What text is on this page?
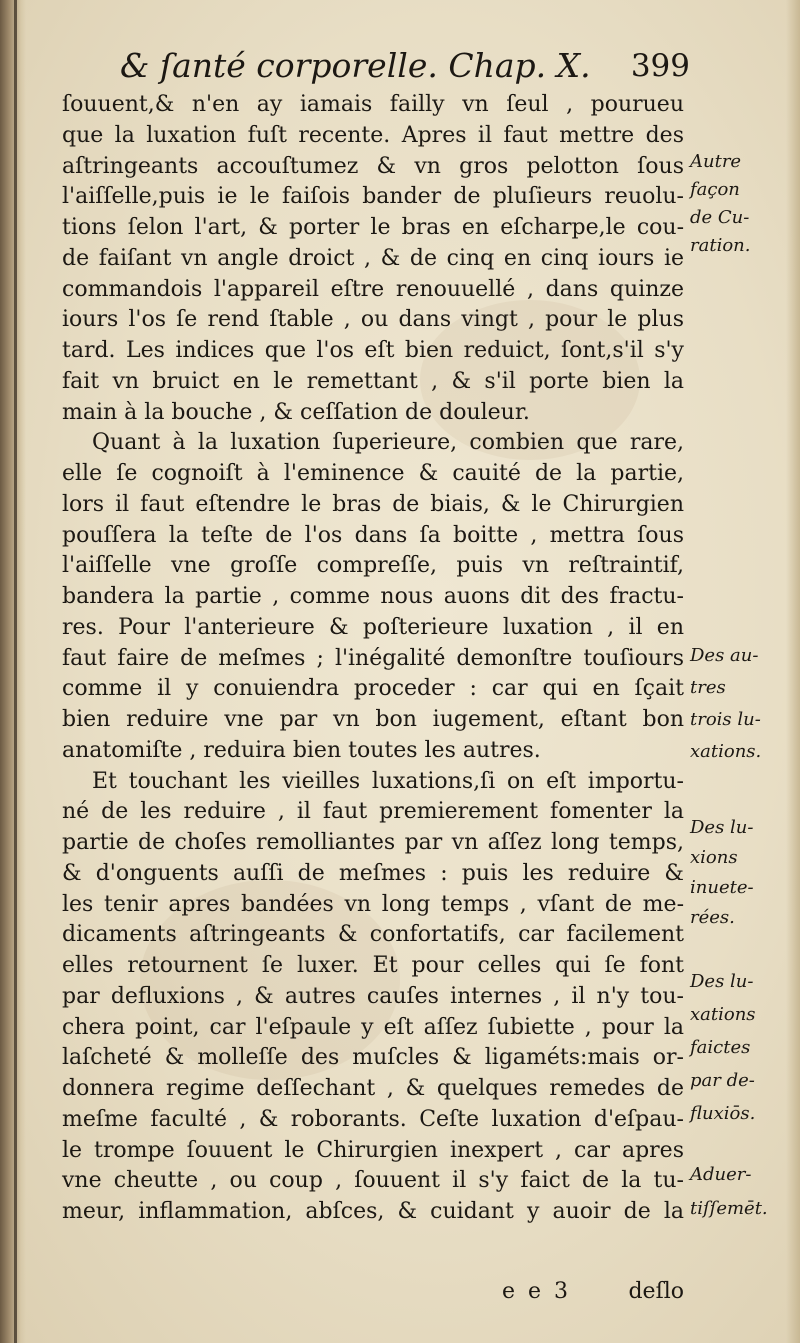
& ſanté corporelle. Chap. X. 399
ſouuent,& n'en ay iamais failly vn ſeul , pourueu
que la luxation fuſt recente. Apres il faut mettre des
aſtringeants accouſtumez & vn gros pelotton ſous
l'aiſſelle,puis ie le faiſois bander de pluſieurs reuolu-
tions ſelon l'art, & porter le bras en eſcharpe,le cou-
de faiſant vn angle droict , & de cinq en cinq iours ie
commandois l'appareil eſtre renouuellé , dans quinze
iours l'os ſe rend ſtable , ou dans vingt , pour le plus
tard. Les indices que l'os eſt bien reduict, ſont,s'il s'y
fait vn bruict en le remettant , & s'il porte bien la
main à la bouche , & ceſſation de douleur.
Quant à la luxation ſuperieure, combien que rare,
elle ſe cognoiſt à l'eminence & cauité de la partie,
lors il faut eſtendre le bras de biais, & le Chirurgien
pouſſera la teſte de l'os dans ſa boitte , mettra ſous
l'aiſſelle vne groſſe compreſſe, puis vn reſtraintif,
bandera la partie , comme nous auons dit des fractu-
res. Pour l'anterieure & poſterieure luxation , il en
faut faire de meſmes ; l'inégalité demonſtre touſiours
comme il y conuiendra proceder : car qui en ſçait
bien reduire vne par vn bon iugement, eſtant bon
anatomiſte , reduira bien toutes les autres.
Et touchant les vieilles luxations,ſi on eſt importu-
né de les reduire , il faut premierement fomenter la
partie de choſes remolliantes par vn aſſez long temps,
& d'onguents auſſi de meſmes : puis les reduire &
les tenir apres bandées vn long temps , vſant de me-
dicaments aſtringeants & confortatifs, car facilement
elles retournent ſe luxer. Et pour celles qui ſe font
par defluxions , & autres cauſes internes , il n'y tou-
chera point, car l'eſpaule y eſt aſſez ſubiette , pour la
laſcheté & molleſſe des muſcles & ligaméts:mais or-
donnera regime deſſechant , & quelques remedes de
meſme faculté , & roborants. Ceſte luxation d'eſpau-
le trompe ſouuent le Chirurgien inexpert , car apres
vne cheutte , ou coup , ſouuent il s'y faict de la tu-
meur, inflammation, abſces, & cuidant y auoir de la
Autre
façon
de Cu-
ration.
Des au-
tres
trois lu-
xations.
Des lu-
xions
inuete-
rées.
Des lu-
xations
faictes
par de-
fluxiōs.
Aduer-
tiſſemēt.
e e 3	deſlo
